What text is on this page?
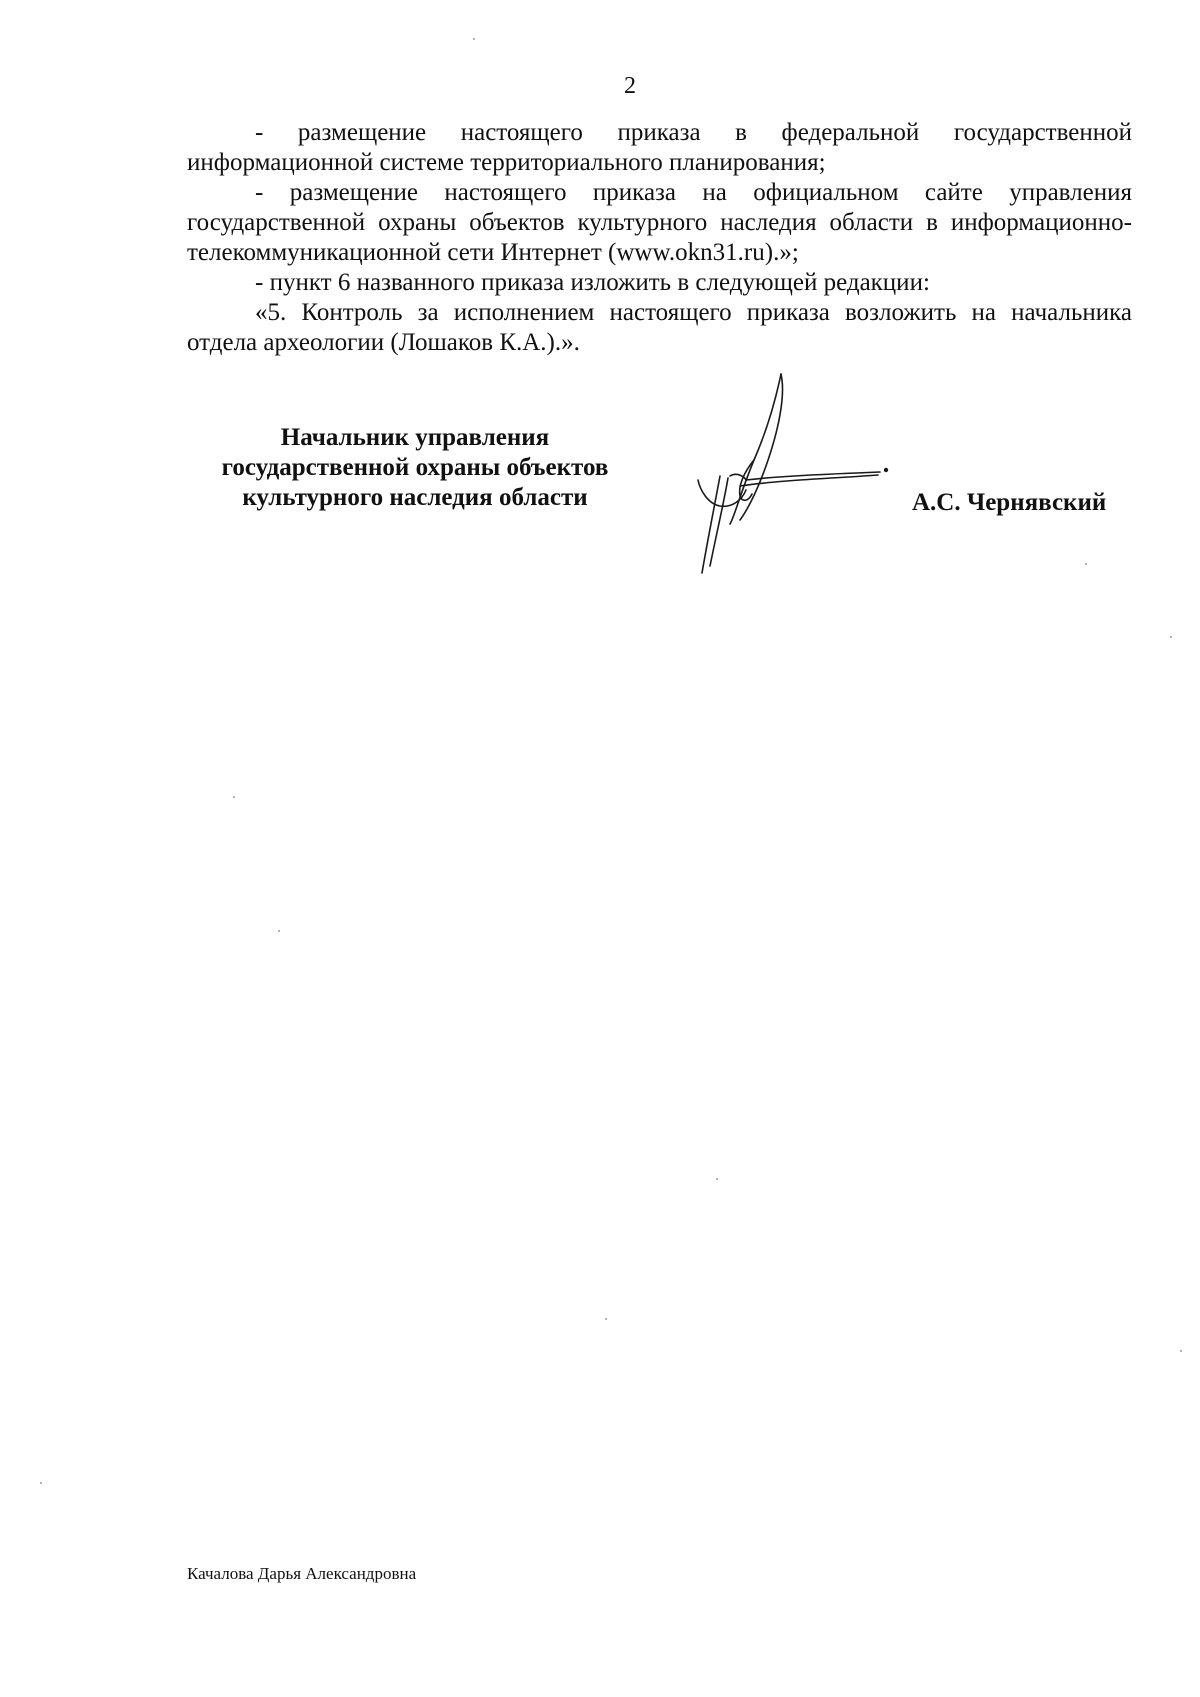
2

- размещение настоящего приказа в федеральной государственной информационной системе территориального планирования;

- размещение настоящего приказа на официальном сайте управления государственной охраны объектов культурного наследия области в информационно-телекоммуникационной сети Интернет (www.okn31.ru).»;

- пункт 6 названного приказа изложить в следующей редакции:

«5. Контроль за исполнением настоящего приказа возложить на начальника отдела археологии (Лошаков К.А.).».

Начальник управления
государственной охраны объектов
культурного наследия области	А.С. Чернявский
Качалова Дарья Александровна
